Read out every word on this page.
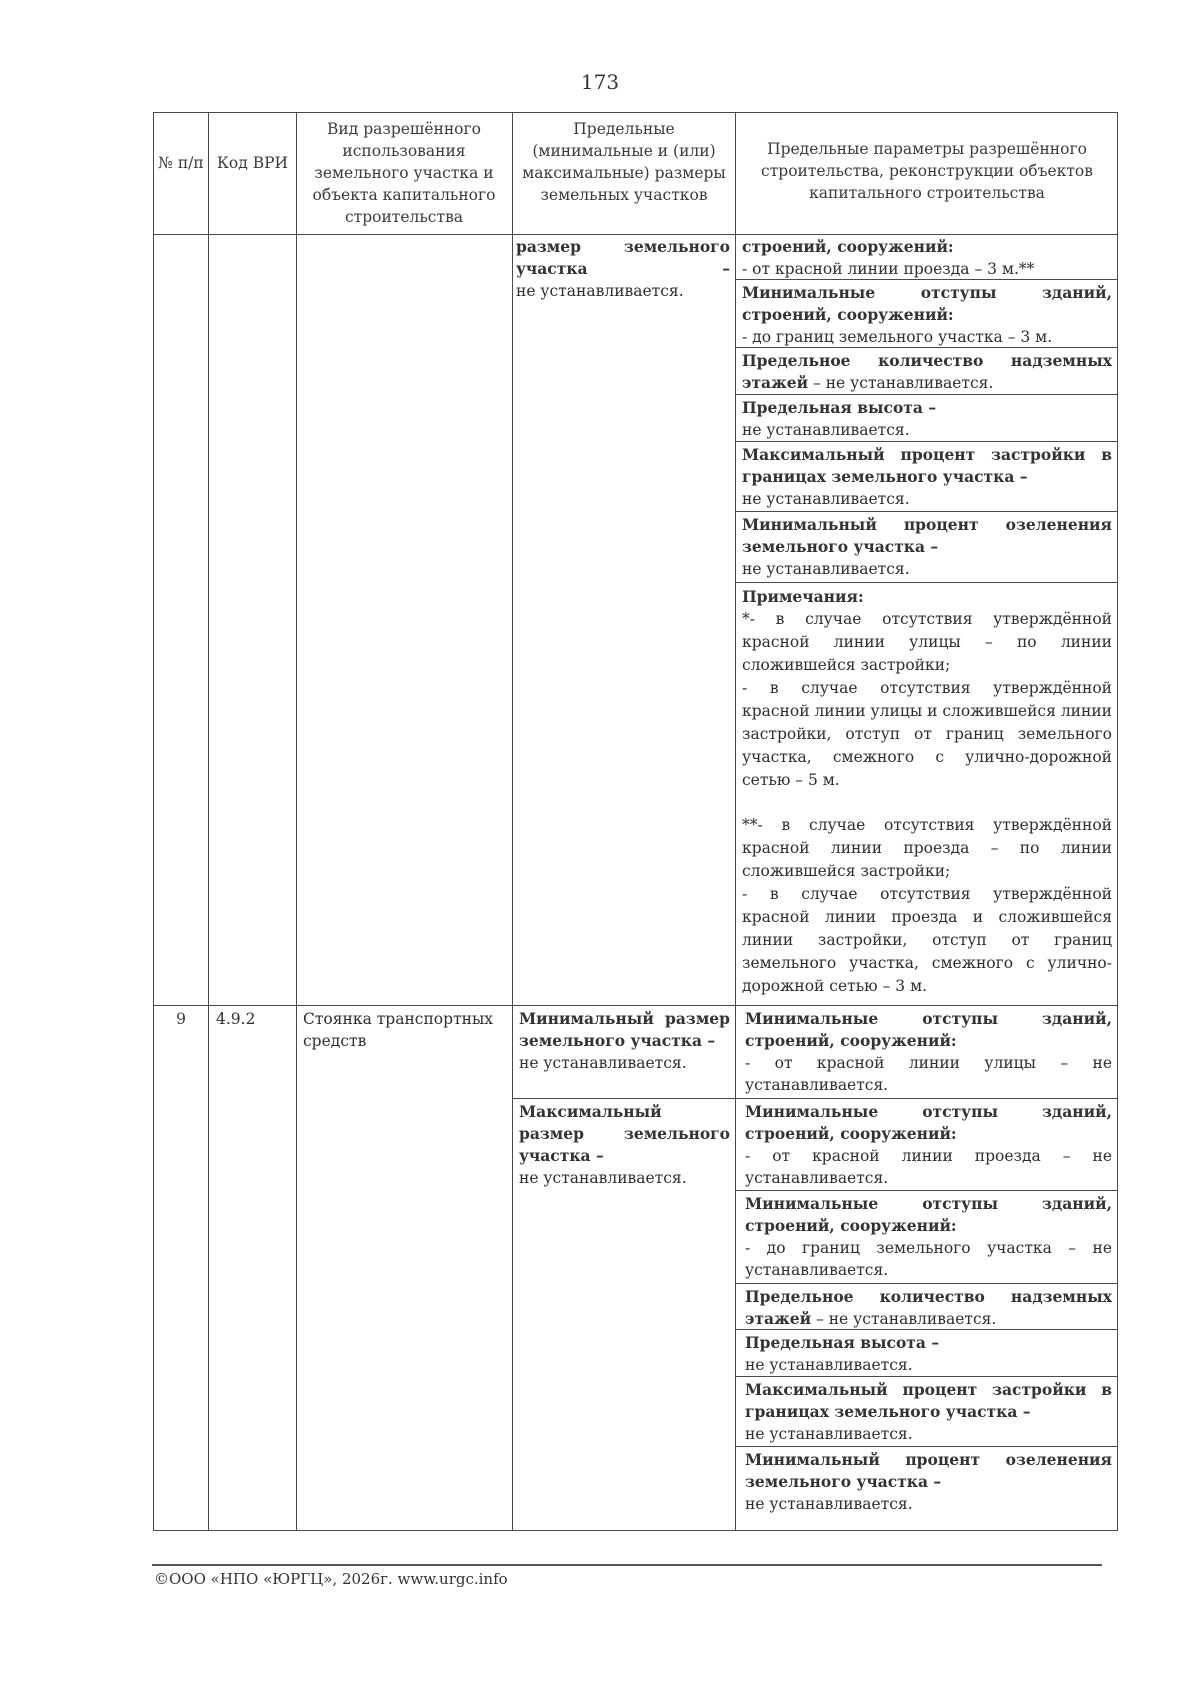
173
№ п/п Код ВРИ
Вид разрешённого использования земельного участка и объекта капитального строительства
Предельные (минимальные и (или) максимальные) размеры земельных участков
Предельные параметры разрешённого строительства, реконструкции объектов капитального строительства
размер земельного участка –
не устанавливается.
строений, сооружений:
- от красной линии проезда – 3 м.**
Минимальные отступы зданий, строений, сооружений:
- до границ земельного участка – 3 м.
Предельное количество надземных этажей – не устанавливается.
Предельная высота –
не устанавливается.
Максимальный процент застройки в границах земельного участка –
не устанавливается.
Минимальный процент озеленения земельного участка –
не устанавливается.
Примечания:
*- в случае отсутствия утверждённой красной линии улицы – по линии сложившейся застройки;
- в случае отсутствия утверждённой красной линии улицы и сложившейся линии застройки, отступ от границ земельного участка, смежного с улично-дорожной сетью – 5 м.
**- в случае отсутствия утверждённой красной линии проезда – по линии сложившейся застройки;
- в случае отсутствия утверждённой красной линии проезда и сложившейся линии застройки, отступ от границ земельного участка, смежного с улично-дорожной сетью – 3 м.
9	4.9.2	Стоянка транспортных средств
Минимальный размер земельного участка –
не устанавливается.
Максимальный размер земельного участка –
не устанавливается.
Минимальные отступы зданий, строений, сооружений:
- от красной линии улицы – не устанавливается.
Минимальные отступы зданий, строений, сооружений:
- от красной линии проезда – не устанавливается.
Минимальные отступы зданий, строений, сооружений:
- до границ земельного участка – не устанавливается.
Предельное количество надземных этажей – не устанавливается.
Предельная высота –
не устанавливается.
Максимальный процент застройки в границах земельного участка –
не устанавливается.
Минимальный процент озеленения земельного участка –
не устанавливается.
©ООО «НПО «ЮРГЦ», 2026г. www.urgc.info
